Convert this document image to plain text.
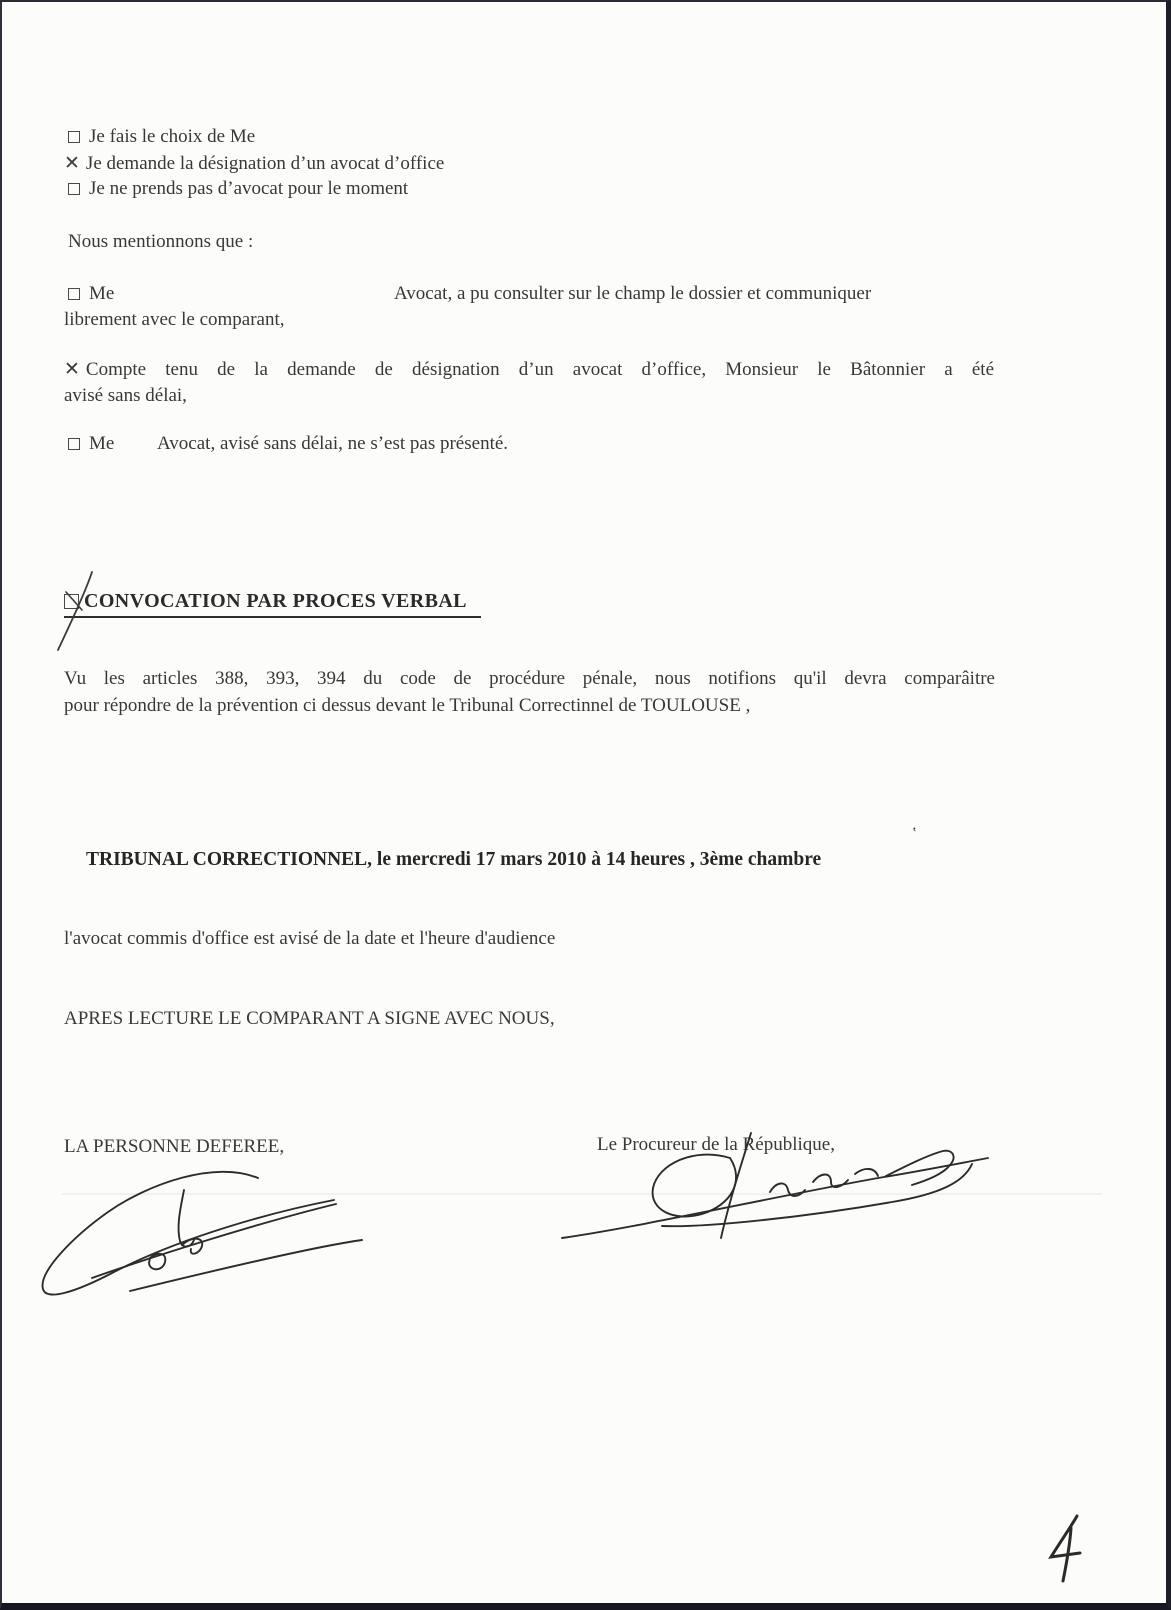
Je fais le choix de Me
✕ Je demande la désignation d’un avocat d’office
Je ne prends pas d’avocat pour le moment
Nous mentionnons que :
Me	Avocat, a pu consulter sur le champ le dossier et communiquer
librement avec le comparant,
✕ Compte tenu de la demande de désignation d’un avocat d’office, Monsieur le Bâtonnier a été
avisé sans délai,
Me Avocat, avisé sans délai, ne s’est pas présenté.
CONVOCATION PAR PROCES VERBAL
Vu les articles 388, 393, 394 du code de procédure pénale, nous notifions qu'il devra comparâitre
pour répondre de la prévention ci dessus devant le Tribunal Correctinnel de TOULOUSE ,
‛
TRIBUNAL CORRECTIONNEL, le mercredi 17 mars 2010 à 14 heures , 3ème chambre
l'avocat commis d'office est avisé de la date et l'heure d'audience
APRES LECTURE LE COMPARANT A SIGNE AVEC NOUS,
LA PERSONNE DEFEREE,	Le Procureur de la République,
